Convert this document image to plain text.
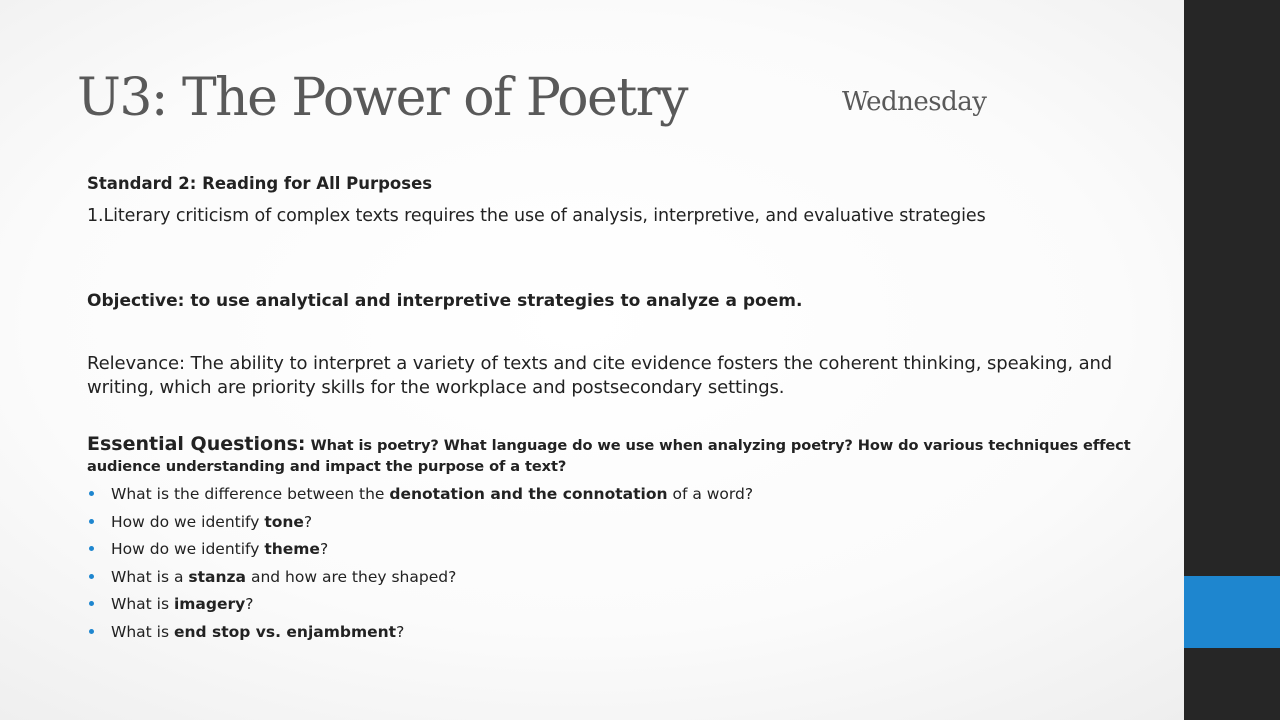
U3: The Power of Poetry	Wednesday
Standard 2: Reading for All Purposes
1.Literary criticism of complex texts requires the use of analysis, interpretive, and evaluative strategies
Objective: to use analytical and interpretive strategies to analyze a poem.
Relevance: The ability to interpret a variety of texts and cite evidence fosters the coherent thinking, speaking, and writing, which are priority skills for the workplace and postsecondary settings.
Essential Questions: What is poetry? What language do we use when analyzing poetry? How do various techniques effect audience understanding and impact the purpose of a text?
What is the difference between the denotation and the connotation of a word?
How do we identify tone?
How do we identify theme?
What is a stanza and how are they shaped?
What is imagery?
What is end stop vs. enjambment?
